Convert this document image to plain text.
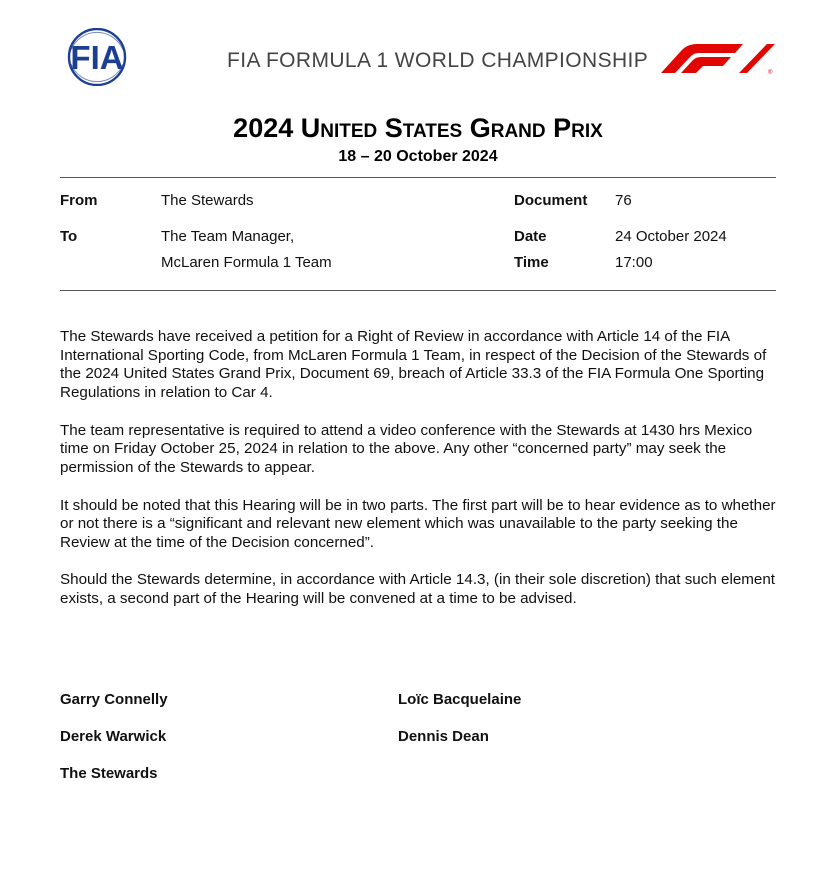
FIA	FIA FORMULA 1 WORLD CHAMPIONSHIP
®
2024 United States Grand Prix
18 – 20 October 2024
From	The Stewards	Document 76
To	The Team Manager,
McLaren Formula 1 Team
Date	24 October 2024
Time	17:00

The Stewards have received a petition for a Right of Review in accordance with Article 14 of the FIA International Sporting Code, from McLaren Formula 1 Team, in respect of the Decision of the Stewards of the 2024 United States Grand Prix, Document 69, breach of Article 33.3 of the FIA Formula One Sporting Regulations in relation to Car 4.

The team representative is required to attend a video conference with the Stewards at 1430 hrs Mexico time on Friday October 25, 2024 in relation to the above. Any other “concerned party” may seek the permission of the Stewards to appear.

It should be noted that this Hearing will be in two parts. The first part will be to hear evidence as to whether or not there is a “significant and relevant new element which was unavailable to the party seeking the Review at the time of the Decision concerned”.

Should the Stewards determine, in accordance with Article 14.3, (in their sole discretion) that such element exists, a second part of the Hearing will be convened at a time to be advised.

Garry Connelly	Loïc Bacquelaine
Derek Warwick	Dennis Dean
The Stewards
